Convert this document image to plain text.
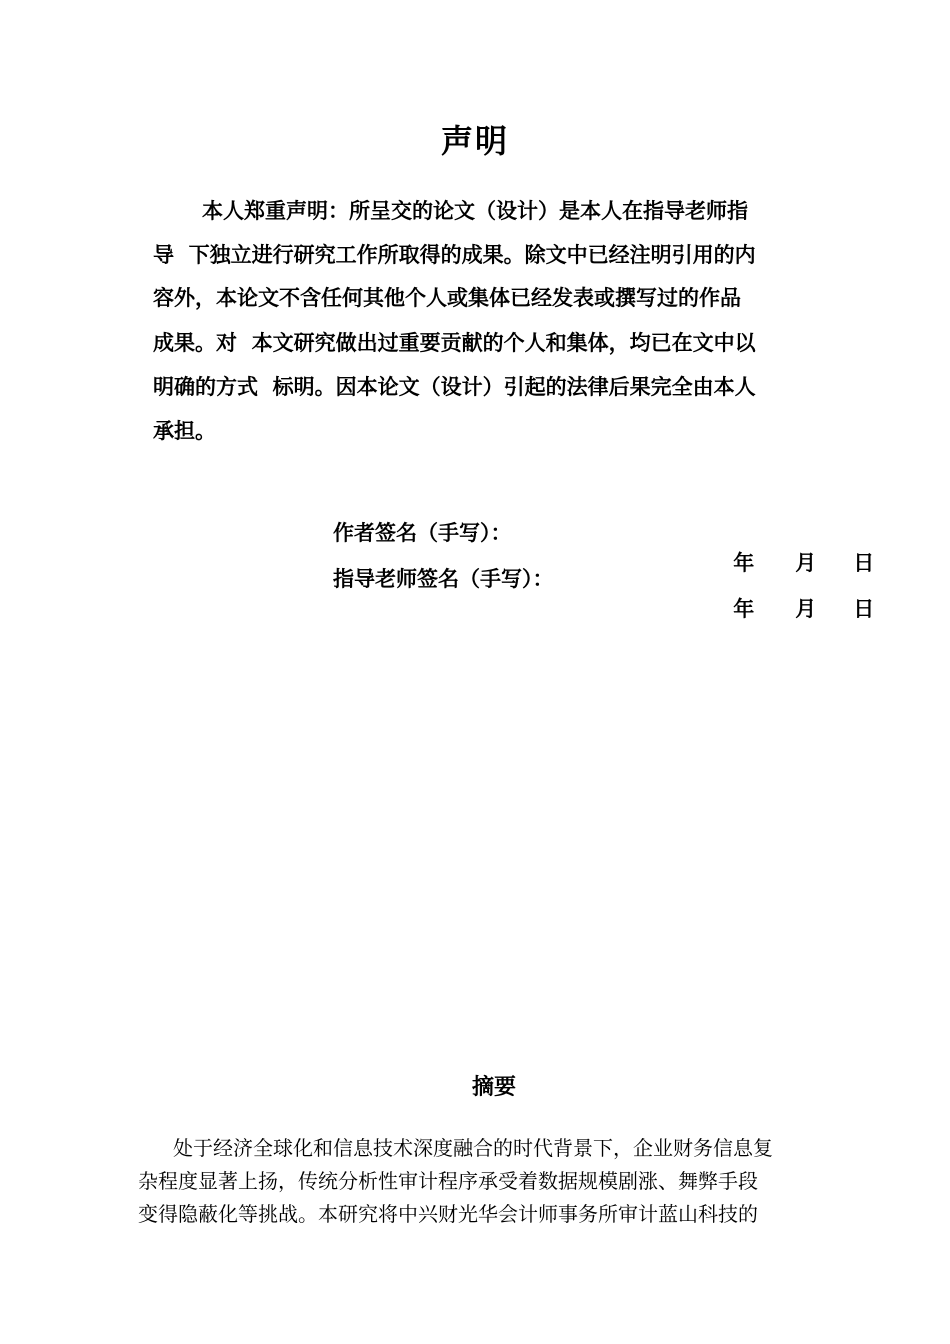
声明
本人郑重声明：所呈交的论文（设计）是本人在指导老师指
导  下独立进行研究工作所取得的成果。除文中已经注明引用的内
容外，本论文不含任何其他个人或集体已经发表或撰写过的作品
成果。对  本文研究做出过重要贡献的个人和集体，均已在文中以
明确的方式  标明。因本论文（设计）引起的法律后果完全由本人
承担。
作者签名（手写）：

年 月 日

指导老师签名（手写）：

年 月 日

摘要
处于经济全球化和信息技术深度融合的时代背景下，企业财务信息复
杂程度显著上扬，传统分析性审计程序承受着数据规模剧涨、舞弊手段
变得隐蔽化等挑战。本研究将中兴财光华会计师事务所审计蓝山科技的
